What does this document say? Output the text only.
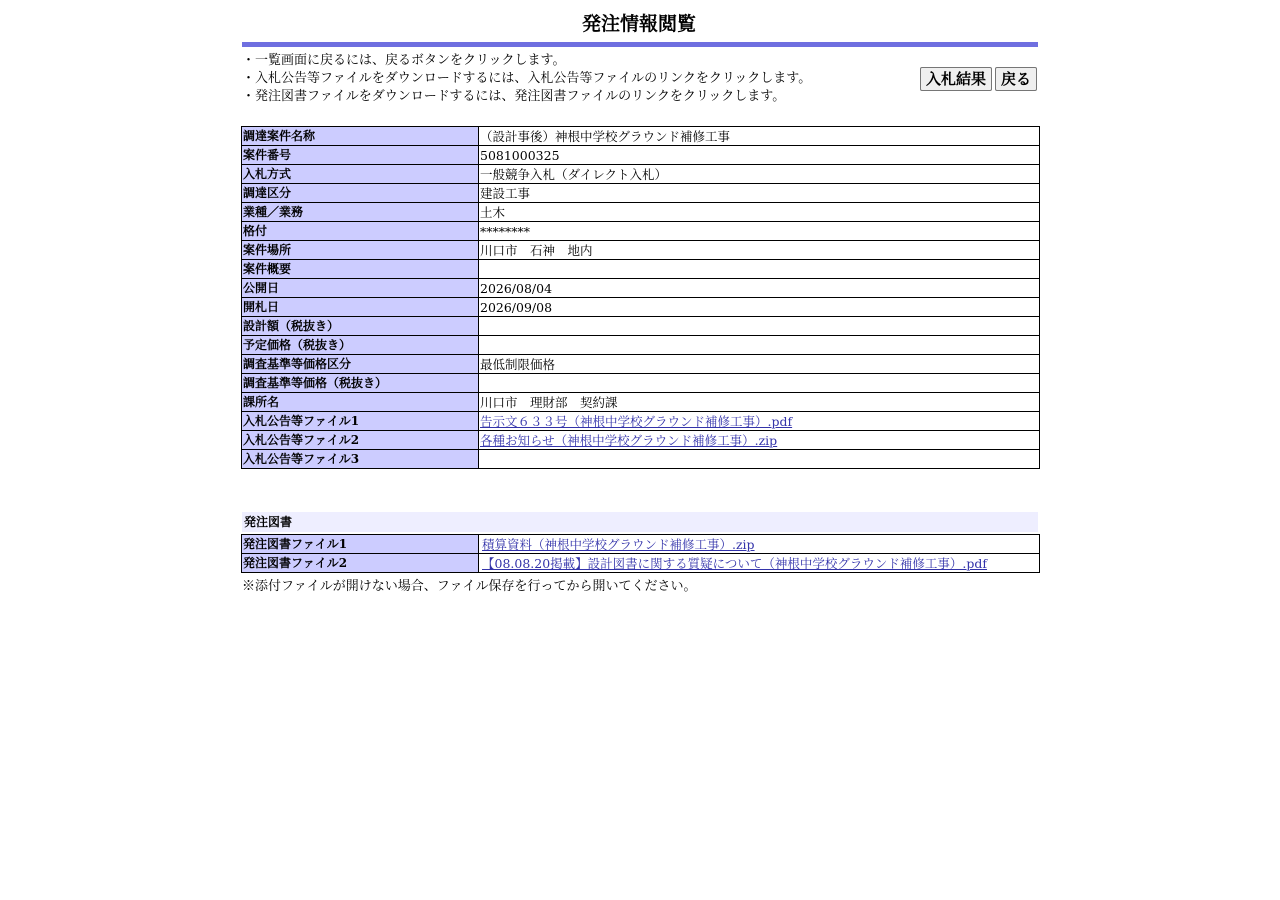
発注情報閲覧
・一覧画面に戻るには、戻るボタンをクリックします。
・入札公告等ファイルをダウンロードするには、入札公告等ファイルのリンクをクリックします。
・発注図書ファイルをダウンロードするには、発注図書ファイルのリンクをクリックします。
入札結果	戻る
調達案件名称	（設計事後）神根中学校グラウンド補修工事
案件番号	5081000325
入札方式	一般競争入札（ダイレクト入札）
調達区分	建設工事
業種／業務	土木
格付	********
案件場所	川口市　石神　地内
案件概要	
公開日	2026/08/04
開札日	2026/09/08
設計額（税抜き）	
予定価格（税抜き）	
調査基準等価格区分	最低制限価格
調査基準等価格（税抜き）	
課所名	川口市　理財部　契約課
入札公告等ファイル1	告示文６３３号（神根中学校グラウンド補修工事）.pdf
入札公告等ファイル2	各種お知らせ（神根中学校グラウンド補修工事）.zip
入札公告等ファイル3	
発注図書
発注図書ファイル1	積算資料（神根中学校グラウンド補修工事）.zip
発注図書ファイル2	【08.08.20掲載】設計図書に関する質疑について（神根中学校グラウンド補修工事）.pdf
※添付ファイルが開けない場合、ファイル保存を行ってから開いてください。
